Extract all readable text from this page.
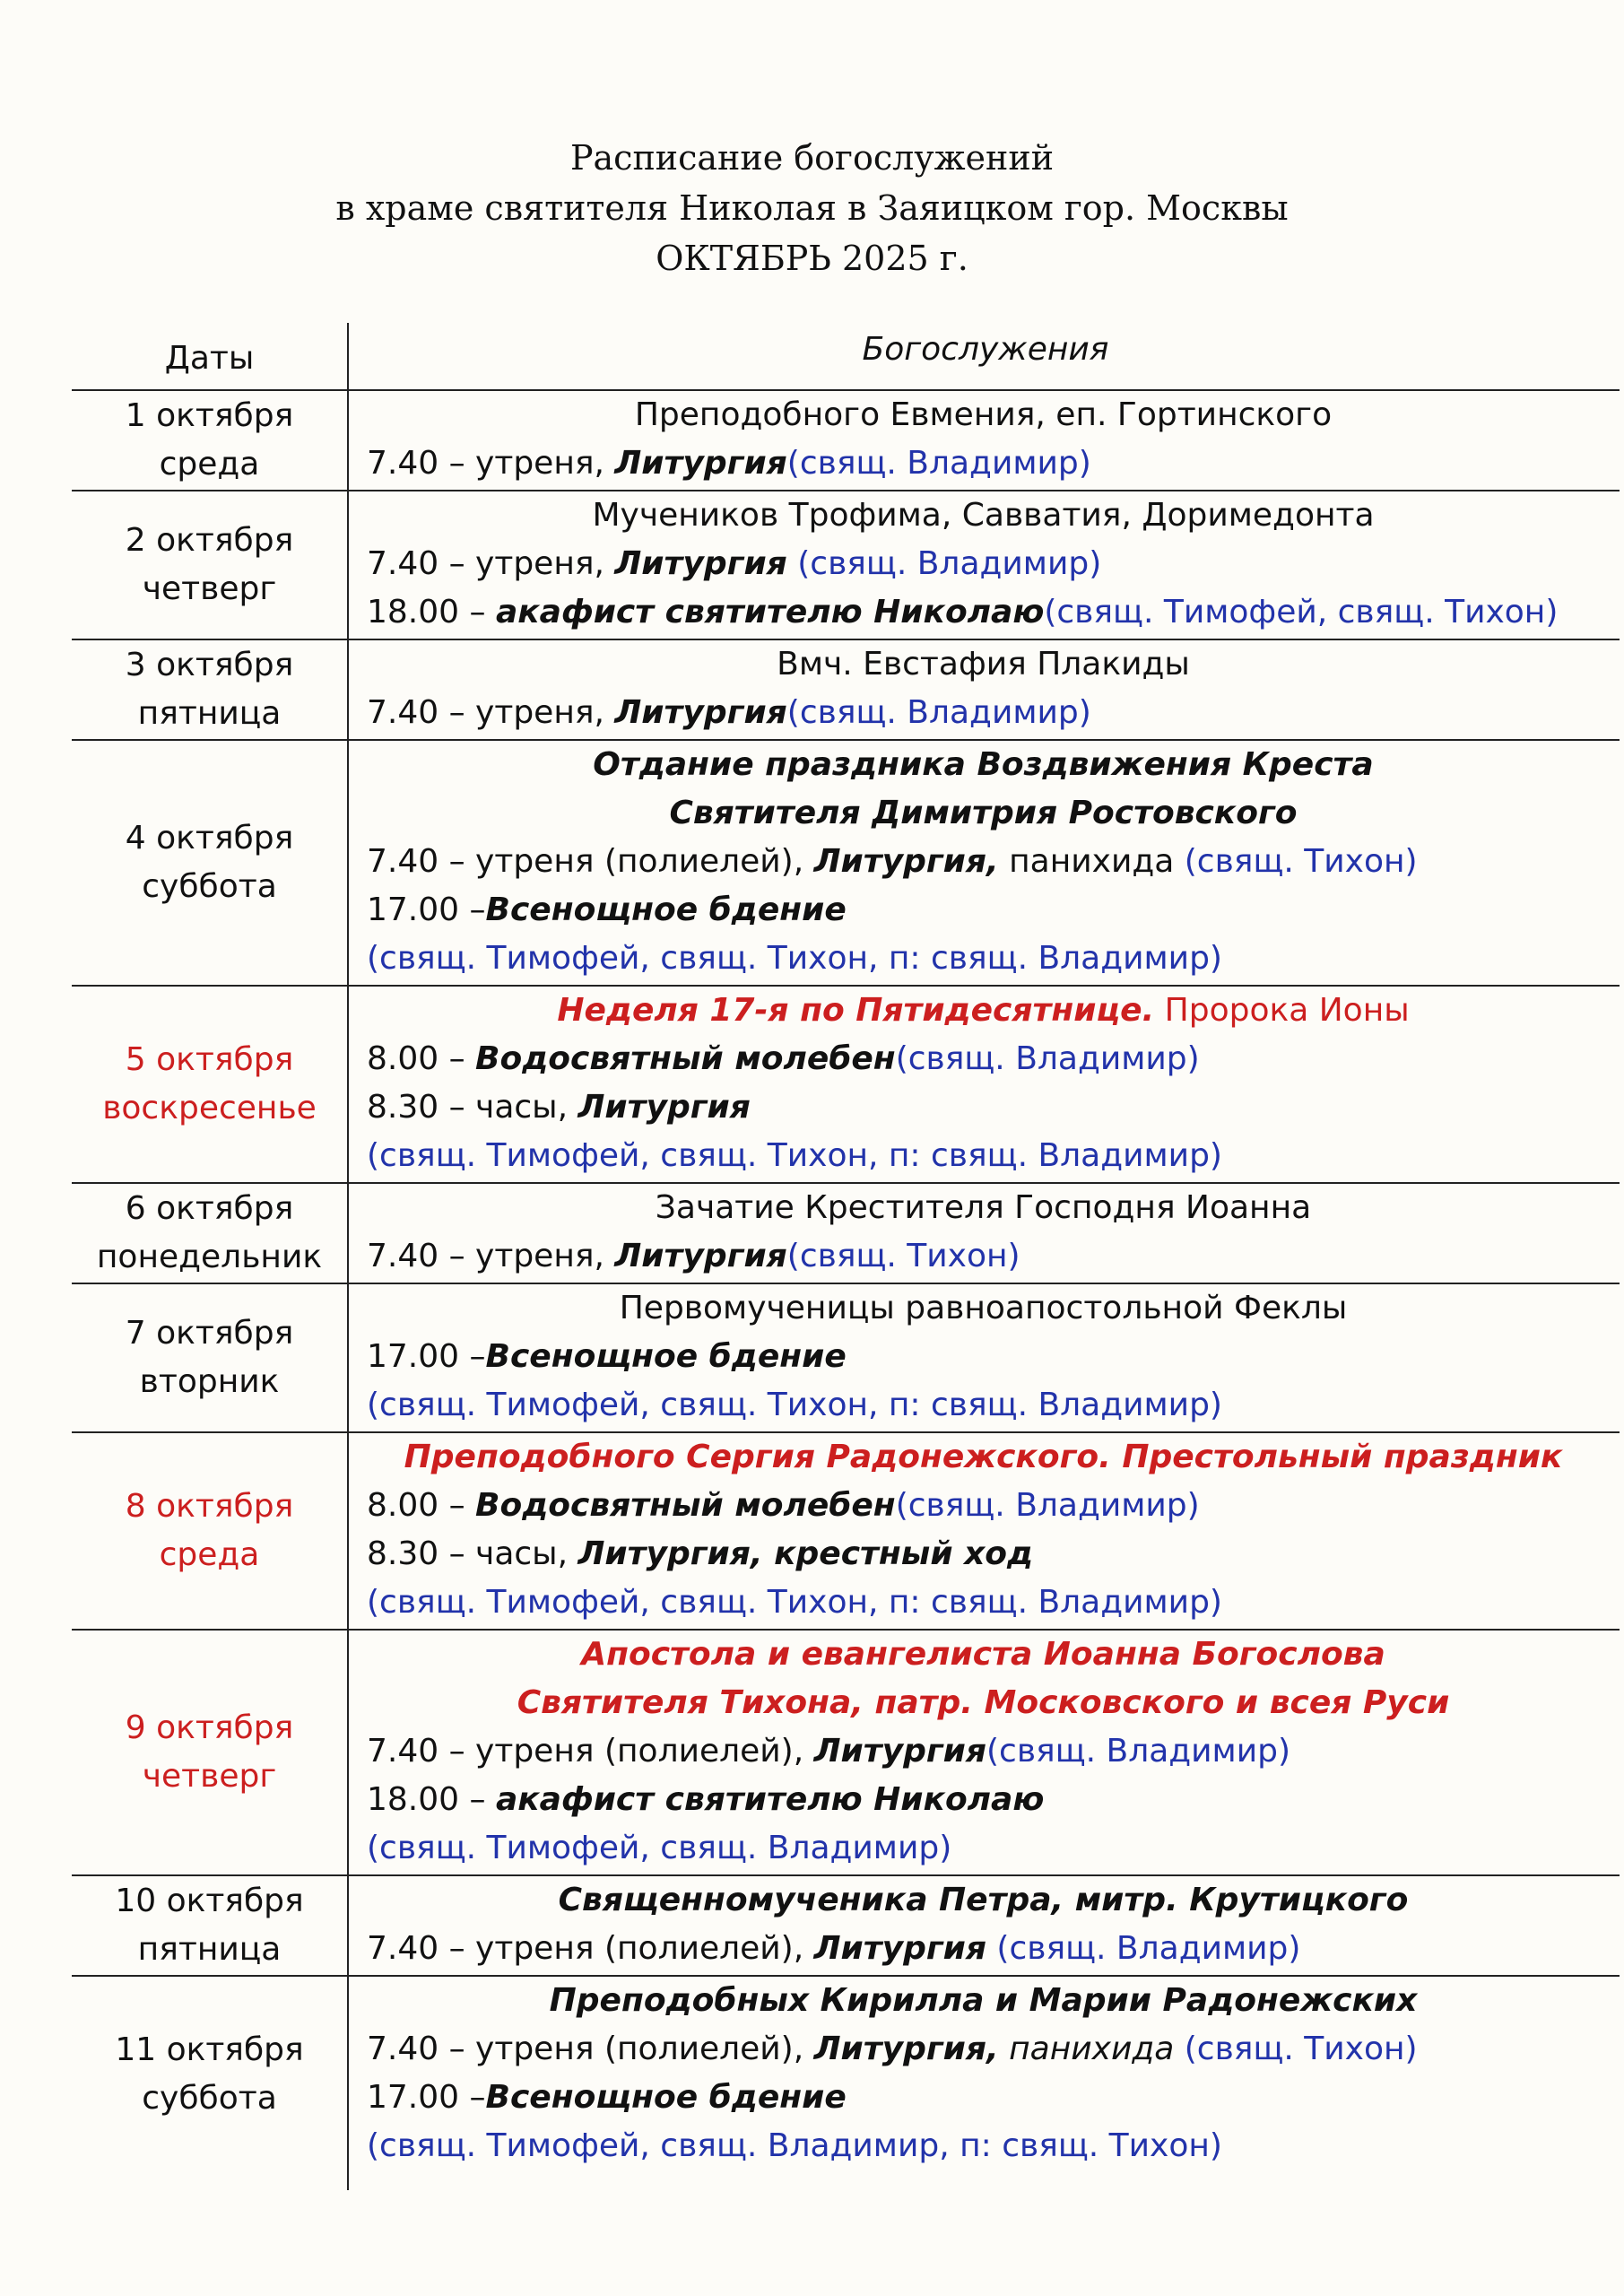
Расписание богослужений
в храме святителя Николая в Заяицком гор. Москвы
ОКТЯБРЬ 2025 г.
Даты	Богослужения
1 октября
среда
Преподобного Евмения, еп. Гортинского
7.40 – утреня, Литургия(свящ. Владимир)
2 октября
четверг
Мучеников Трофима, Савватия, Доримедонта
7.40 – утреня, Литургия (свящ. Владимир)
18.00 – акафист святителю Николаю(свящ. Тимофей, свящ. Тихон)
3 октября
пятница
Вмч. Евстафия Плакиды
7.40 – утреня, Литургия(свящ. Владимир)
4 октября
суббота
Отдание праздника Воздвижения Креста
Святителя Димитрия Ростовского
7.40 – утреня (полиелей), Литургия, панихида (свящ. Тихон)
17.00 –Всенощное бдение
(свящ. Тимофей, свящ. Тихон, п: свящ. Владимир)
5 октября
воскресенье
Неделя 17-я по Пятидесятнице. Пророка Ионы
8.00 – Водосвятный молебен(свящ. Владимир)
8.30 – часы, Литургия
(свящ. Тимофей, свящ. Тихон, п: свящ. Владимир)
6 октября
понедельник
Зачатие Крестителя Господня Иоанна
7.40 – утреня, Литургия(свящ. Тихон)
7 октября
вторник
Первомученицы равноапостольной Феклы
17.00 –Всенощное бдение
(свящ. Тимофей, свящ. Тихон, п: свящ. Владимир)
8 октября
среда
Преподобного Сергия Радонежского. Престольный праздник
8.00 – Водосвятный молебен(свящ. Владимир)
8.30 – часы, Литургия, крестный ход
(свящ. Тимофей, свящ. Тихон, п: свящ. Владимир)
9 октября
четверг
Апостола и евангелиста Иоанна Богослова
Святителя Тихона, патр. Московского и всея Руси
7.40 – утреня (полиелей), Литургия(свящ. Владимир)
18.00 – акафист святителю Николаю
(свящ. Тимофей, свящ. Владимир)
10 октября
пятница
Священномученика Петра, митр. Крутицкого
7.40 – утреня (полиелей), Литургия (свящ. Владимир)
11 октября
суббота
Преподобных Кирилла и Марии Радонежских
7.40 – утреня (полиелей), Литургия, панихида (свящ. Тихон)
17.00 –Всенощное бдение
(свящ. Тимофей, свящ. Владимир, п: свящ. Тихон)
